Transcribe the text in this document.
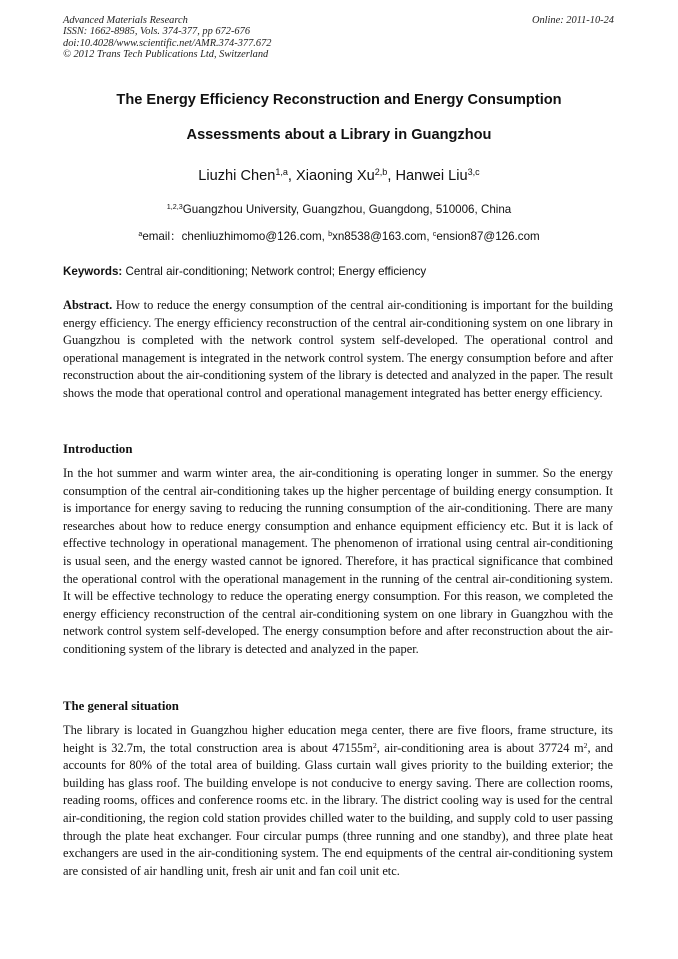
Advanced Materials Research
ISSN: 1662-8985, Vols. 374-377, pp 672-676
doi:10.4028/www.scientific.net/AMR.374-377.672
© 2012 Trans Tech Publications Ltd, Switzerland
Online: 2011-10-24
The Energy Efficiency Reconstruction and Energy Consumption
Assessments about a Library in Guangzhou
Liuzhi Chen$^{1,a}$, Xiaoning Xu$^{2,b}$, Hanwei Liu$^{3,c}$
$^{1,2,3}$Guangzhou University, Guangzhou, Guangdong, 510006, China
$^a$email：chenliuzhimomo@126.com, $^b$xn8538@163.com, $^c$ension87@126.com
Keywords: Central air-conditioning; Network control; Energy efficiency
Abstract. How to reduce the energy consumption of the central air-conditioning is important for the building energy efficiency. The energy efficiency reconstruction of the central air-conditioning system on one library in Guangzhou is completed with the network control system self-developed. The operational control and operational management is integrated in the network control system. The energy consumption before and after reconstruction about the air-conditioning system of the library is detected and analyzed in the paper. The result shows the mode that operational control and operational management integrated has better energy efficiency.
Introduction
In the hot summer and warm winter area, the air-conditioning is operating longer in summer. So the energy consumption of the central air-conditioning takes up the higher percentage of building energy consumption. It is importance for energy saving to reducing the running consumption of the air-conditioning. There are many researches about how to reduce energy consumption and enhance equipment efficiency etc. But it is lack of effective technology in operational management. The phenomenon of irrational using central air-conditioning is usual seen, and the energy wasted cannot be ignored. Therefore, it has practical significance that combined the operational control with the operational management in the running of the central air-conditioning system. It will be effective technology to reduce the operating energy consumption. For this reason, we completed the energy efficiency reconstruction of the central air-conditioning system on one library in Guangzhou with the network control system self-developed. The energy consumption before and after reconstruction about the air-conditioning system of the library is detected and analyzed in the paper.
The general situation
The library is located in Guangzhou higher education mega center, there are five floors, frame structure, its height is 32.7m, the total construction area is about $47155m^2$, air-conditioning area is about 37724 $m^2$, and accounts for 80% of the total area of building. Glass curtain wall gives priority to the building exterior; the building has glass roof. The building envelope is not conducive to energy saving. There are collection rooms, reading rooms, offices and conference rooms etc. in the library. The district cooling way is used for the central air-conditioning, the region cold station provides chilled water to the building, and supply cold to user passing through the plate heat exchanger. Four circular pumps (three running and one standby), and three plate heat exchangers are used in the air-conditioning system. The end equipments of the central air-conditioning system are consisted of air handling unit, fresh air unit and fan coil unit etc.
